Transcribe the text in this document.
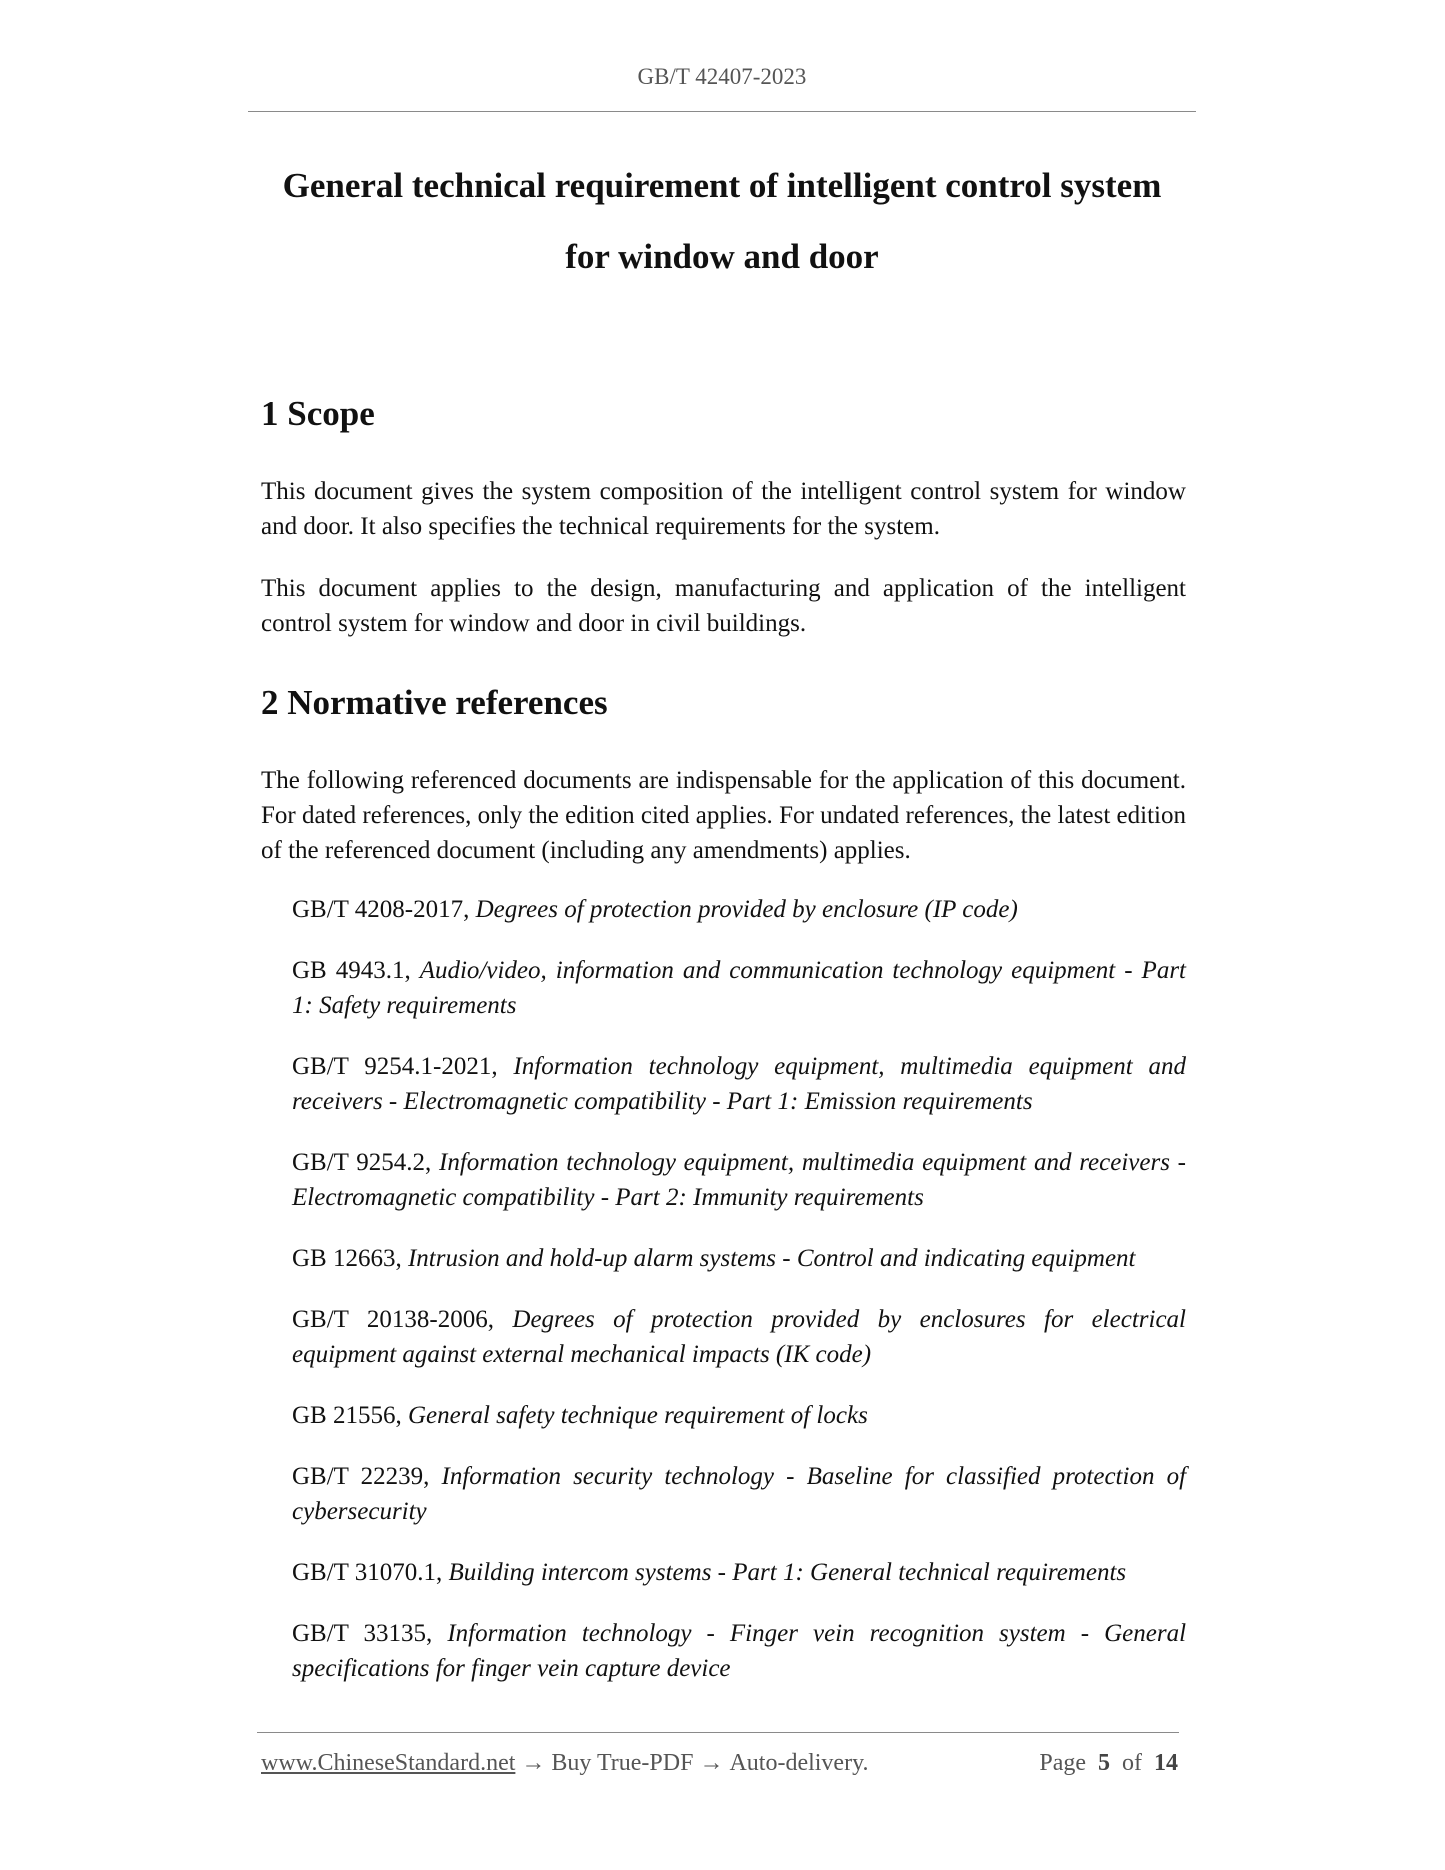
GB/T 42407-2023
General technical requirement of intelligent control system
for window and door
1 Scope

This document gives the system composition of the intelligent control system for window and door. It also specifies the technical requirements for the system.

This document applies to the design, manufacturing and application of the intelligent control system for window and door in civil buildings.

2 Normative references

The following referenced documents are indispensable for the application of this document. For dated references, only the edition cited applies. For undated references, the latest edition of the referenced document (including any amendments) applies.

GB/T 4208-2017, Degrees of protection provided by enclosure (IP code)
GB 4943.1, Audio/video, information and communication technology equipment - Part 1: Safety requirements
GB/T 9254.1-2021, Information technology equipment, multimedia equipment and receivers - Electromagnetic compatibility - Part 1: Emission requirements
GB/T 9254.2, Information technology equipment, multimedia equipment and receivers - Electromagnetic compatibility - Part 2: Immunity requirements
GB 12663, Intrusion and hold-up alarm systems - Control and indicating equipment
GB/T 20138-2006, Degrees of protection provided by enclosures for electrical equipment against external mechanical impacts (IK code)
GB 21556, General safety technique requirement of locks
GB/T 22239, Information security technology - Baseline for classified protection of cybersecurity
GB/T 31070.1, Building intercom systems - Part 1: General technical requirements
GB/T 33135, Information technology - Finger vein recognition system - General specifications for finger vein capture device
www.ChineseStandard.net → Buy True-PDF → Auto-delivery.	Page 5 of 14
